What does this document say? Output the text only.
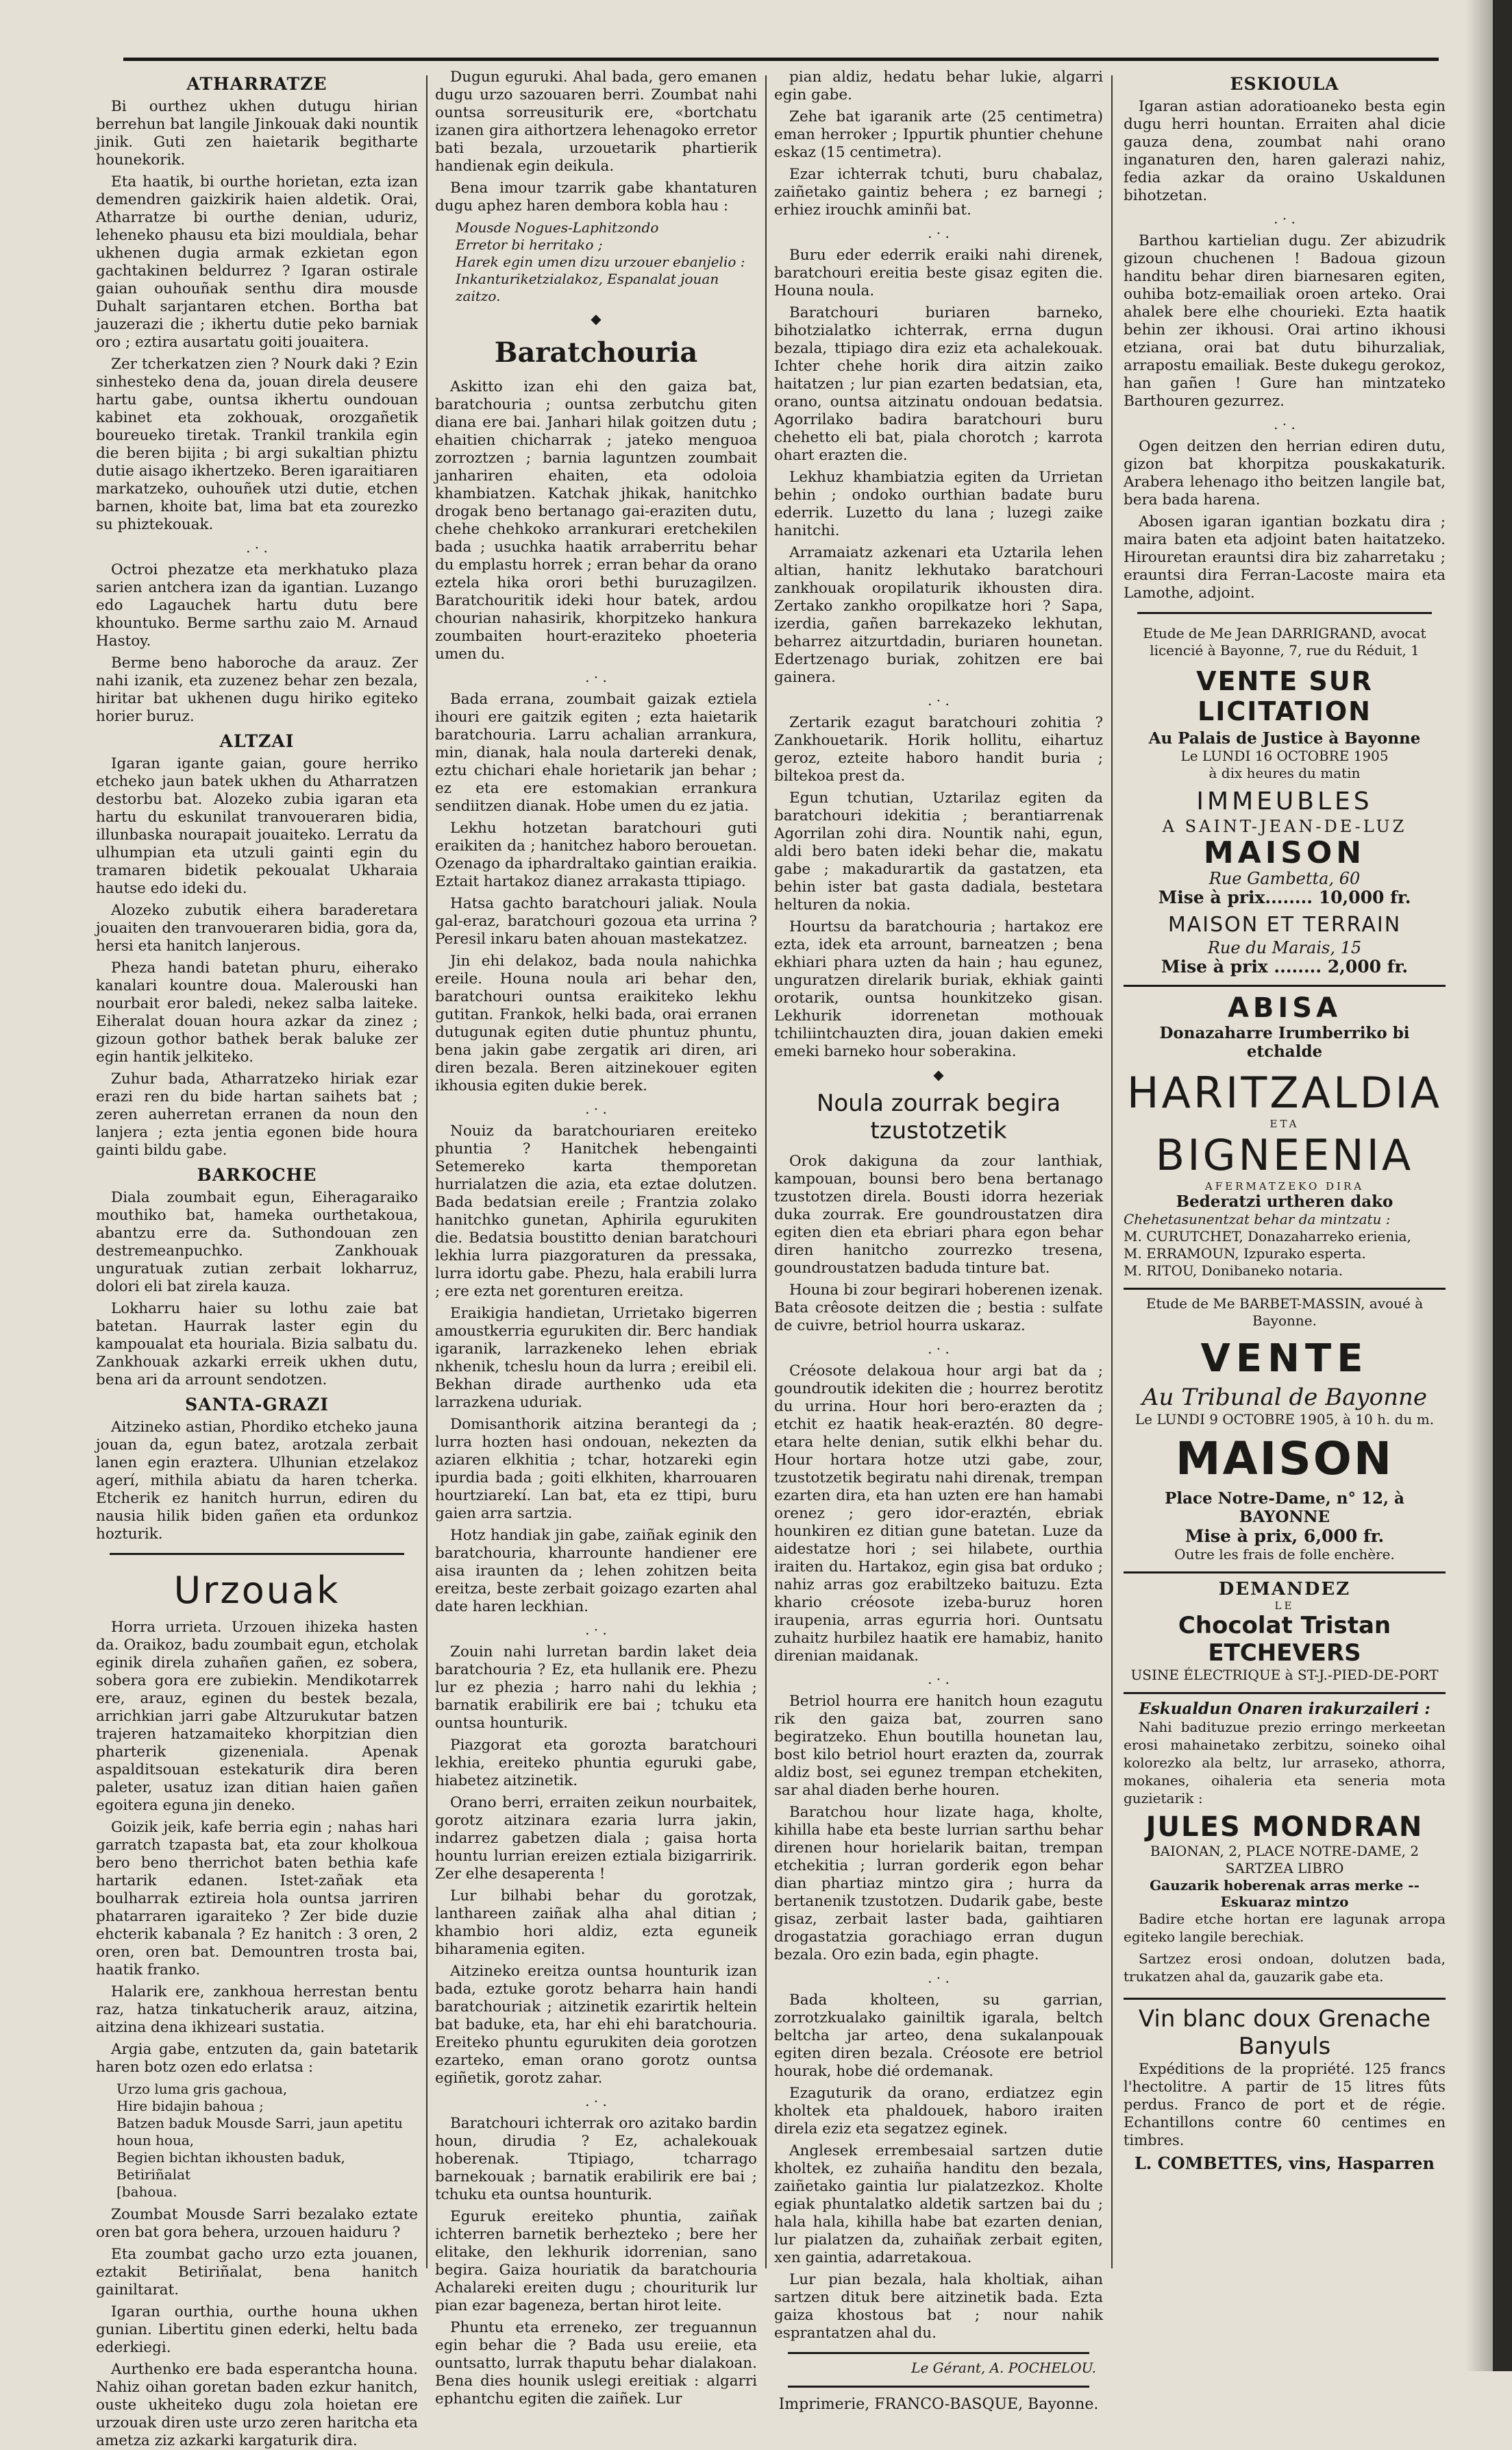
ATHARRATZE

Bi ourthez ukhen dutugu hirian berrehun bat langile Jinkouak daki nountik jinik. Guti zen haietarik begitharte hounekorik.

Eta haatik, bi ourthe horietan, ezta izan demendren gaizkirik haien aldetik. Orai, Atharratze bi ourthe denian, uduriz, leheneko phausu eta bizi mouldiala, behar ukhenen dugia armak ezkietan egon gachtakinen beldurrez ? Igaran ostirale gaian ouhouñak senthu dira mousde Duhalt sarjantaren etchen. Bortha bat jauzerazi die ; ikhertu dutie peko barniak oro ; eztira ausartatu goiti jouaitera.

Zer tcherkatzen zien ? Nourk daki ? Ezin sinhesteko dena da, jouan direla deusere hartu gabe, ountsa ikhertu oundouan kabinet eta zokhouak, orozgañetik boureueko tiretak. Trankil trankila egin die beren bijita ; bi argi sukaltian phiztu dutie aisago ikhertzeko. Beren igaraitiaren markatzeko, ouhouñek utzi dutie, etchen barnen, khoite bat, lima bat eta zourezko su phiztekouak.

. · .

Octroi phezatze eta merkhatuko plaza sarien antchera izan da igantian. Luzango edo Lagauchek hartu dutu bere khountuko. Berme sarthu zaio M. Arnaud Hastoy.

Berme beno haboroche da arauz. Zer nahi izanik, eta zuzenez behar zen bezala, hiritar bat ukhenen dugu hiriko egiteko horier buruz.

ALTZAI

Igaran igante gaian, goure herriko etcheko jaun batek ukhen du Atharratzen destorbu bat. Alozeko zubia igaran eta hartu du eskunilat tranvoueraren bidia, illunbaska nourapait jouaiteko. Lerratu da ulhumpian eta utzuli gainti egin du tramaren bidetik pekoualat Ukharaia hautse edo ideki du.

Alozeko zubutik eihera baraderetara jouaiten den tranvoueraren bidia, gora da, hersi eta hanitch lanjerous.

Pheza handi batetan phuru, eiherako kanalari kountre doua. Malerouski han nourbait eror baledi, nekez salba laiteke. Eiheralat douan houra azkar da zinez ; gizoun gothor bathek berak baluke zer egin hantik jelkiteko.

Zuhur bada, Atharratzeko hiriak ezar erazi ren du bide hartan saihets bat ; zeren auherretan erranen da noun den lanjera ; ezta jentia egonen bide houra gainti bildu gabe.

BARKOCHE

Diala zoumbait egun, Eiheragaraiko mouthiko bat, hameka ourthetakoua, abantzu erre da. Suthondouan zen destremeanpuchko. Zankhouak unguratuak zutian zerbait lokharruz, dolori eli bat zirela kauza.

Lokharru haier su lothu zaie bat batetan. Haurrak laster egin du kampoualat eta houriala. Bizia salbatu du. Zankhouak azkarki erreik ukhen dutu, bena ari da arrount sendotzen.

SANTA-GRAZI

Aitzineko astian, Phordiko etcheko jauna jouan da, egun batez, arotzala zerbait lanen egin eraztera. Ulhunian etzelakoz agerí, mithila abiatu da haren tcherka. Etcherik ez hanitch hurrun, ediren du nausia hilik biden gañen eta ordunkoz hozturik.

Urzouak

Horra urrieta. Urzouen ihizeka hasten da. Oraikoz, badu zoumbait egun, etcholak eginik direla zuhañen gañen, ez sobera, sobera gora ere zubiekin. Mendikotarrek ere, arauz, eginen du bestek bezala, arrichkian jarri gabe Altzurukutar batzen trajeren hatzamaiteko khorpitzian dien pharterik gizeneniala. Apenak aspalditsouan estekaturik dira beren paleter, usatuz izan ditian haien gañen egoitera eguna jin deneko.

Goizik jeik, kafe berria egin ; nahas hari garratch tzapasta bat, eta zour kholkoua bero beno therrichot baten bethia kafe hartarik edanen. Istet-zañak eta boulharrak eztireia hola ountsa jarriren phatarraren igaraiteko ? Zer bide duzie ehcterik kabanala ? Ez hanitch : 3 oren, 2 oren, oren bat. Demountren trosta bai, haatik franko.

Halarik ere, zankhoua herrestan bentu raz, hatza tinkatucherik arauz, aitzina, aitzina dena ikhizeari sustatia.

Argia gabe, entzuten da, gain batetarik haren botz ozen edo erlatsa :

Urzo luma gris gachoua,
Hire bidajin bahoua ;
Batzen baduk Mousde Sarri, jaun apetitu
houn houa,
Begien bichtan ikhousten baduk, Betiriñalat
[bahoua.

Zoumbat Mousde Sarri bezalako eztate oren bat gora behera, urzouen haiduru ?

Eta zoumbat gacho urzo ezta jouanen, eztakit Betiriñalat, bena hanitch gainiltarat.

Igaran ourthia, ourthe houna ukhen gunian. Libertitu ginen ederki, heltu bada ederkiegi.

Aurthenko ere bada esperantcha houna. Nahiz oihan goretan baden ezkur hanitch, ouste ukheiteko dugu zola hoietan ere urzouak diren uste urzo zeren haritcha eta ametza ziz azkarki kargaturik dira.

Dugun eguruki. Ahal bada, gero emanen dugu urzo sazouaren berri. Zoumbat nahi ountsa sorreusiturik ere, «bortchatu izanen gira aithortzera lehenagoko erretor bati bezala, urzouetarik phartierik handienak egin deikula.

Bena imour tzarrik gabe khantaturen dugu aphez haren dembora kobla hau :

Mousde Nogues-Laphitzondo
Erretor bi herritako ;
Harek egin umen dizu urzouer ebanjelio :
Inkanturiketzialakoz, Espanalat jouan zaitzo.
◆
Baratchouria

Askitto izan ehi den gaiza bat, baratchouria ; ountsa zerbutchu giten diana ere bai. Janhari hilak goitzen dutu ; ehaitien chicharrak ; jateko menguoa zorroztzen ; barnia laguntzen zoumbait janhariren ehaiten, eta odoloia khambiatzen. Katchak jhikak, hanitchko drogak beno bertanago gai-eraziten dutu, chehe chehkoko arrankurari eretchekilen bada ; usuchka haatik arraberritu behar du emplastu horrek ; erran behar da orano eztela hika orori bethi buruzagilzen. Baratchouritik ideki hour batek, ardou chourian nahasirik, khorpitzeko hankura zoumbaiten hourt-eraziteko phoeteria umen du.

. · .

Bada errana, zoumbait gaizak eztiela ihouri ere gaitzik egiten ; ezta haietarik baratchouria. Larru achalian arrankura, min, dianak, hala noula dartereki denak, eztu chichari ehale horietarik jan behar ; ez eta ere estomakian errankura sendiitzen dianak. Hobe umen du ez jatia.

Lekhu hotzetan baratchouri guti eraikiten da ; hanitchez haboro berouetan. Ozenago da iphardraltako gaintian eraikia. Eztait hartakoz dianez arrakasta ttipiago.

Hatsa gachto baratchouri jaliak. Noula gal-eraz, baratchouri gozoua eta urrina ? Peresil inkaru baten ahouan mastekatzez.

Jin ehi delakoz, bada noula nahichka ereile. Houna noula ari behar den, baratchouri ountsa eraikiteko lekhu gutitan. Frankok, helki bada, orai erranen dutugunak egiten dutie phuntuz phuntu, bena jakin gabe zergatik ari diren, ari diren bezala. Beren aitzinekouer egiten ikhousia egiten dukie berek.

. · .

Nouiz da baratchouriaren ereiteko phuntia ? Hanitchek hebengainti Setemereko karta themporetan hurrialatzen die azia, eta eztae dolutzen. Bada bedatsian ereile ; Frantzia zolako hanitchko gunetan, Aphirila egurukiten die. Bedatsia boustitto denian baratchouri lekhia lurra piazgoraturen da pressaka, lurra idortu gabe. Phezu, hala erabili lurra ; ere ezta net gorenturen ereitza.

Eraikigia handietan, Urrietako bigerren amoustkerria egurukiten dir. Berc handiak igaranik, larrazkeneko lehen ebriak nkhenik, tcheslu houn da lurra ; ereibil eli. Bekhan dirade aurthenko uda eta larrazkena uduriak.

Domisanthorik aitzina berantegi da ; lurra hozten hasi ondouan, nekezten da aziaren elkhitia ; tchar, hotzareki egin ipurdia bada ; goiti elkhiten, kharrouaren hourtziarekí. Lan bat, eta ez ttipi, buru gaien arra sartzia.

Hotz handiak jin gabe, zaiñak eginik den baratchouria, kharrounte handiener ere aisa iraunten da ; lehen zohitzen beita ereitza, beste zerbait goizago ezarten ahal date haren leckhian.

. · .

Zouin nahi lurretan bardin laket deia baratchouria ? Ez, eta hullanik ere. Phezu lur ez phezia ; harro nahi du lekhia ; barnatik erabilirik ere bai ; tchuku eta ountsa hounturik.

Piazgorat eta gorozta baratchouri lekhia, ereiteko phuntia eguruki gabe, hiabetez aitzinetik.

Orano berri, erraiten zeikun nourbaitek, gorotz aitzinara ezaria lurra jakin, indarrez gabetzen diala ; gaisa horta hountu lurrian ereizen eztiala bizigarririk. Zer elhe desaperenta !

Lur bilhabi behar du gorotzak, lanthareen zaiñak alha ahal ditian ; khambio hori aldiz, ezta eguneik biharamenia egiten.

Aitzineko ereitza ountsa hounturik izan bada, eztuke gorotz beharra hain handi baratchouriak ; aitzinetik ezarirtik heltein bat baduke, eta, har ehi ehi baratchouria. Ereiteko phuntu egurukiten deia gorotzen ezarteko, eman orano gorotz ountsa egiñetik, gorotz zahar.

. · .

Baratchouri ichterrak oro azitako bardin houn, dirudia ? Ez, achalekouak hoberenak. Ttipiago, tcharrago barnekouak ; barnatik erabilirik ere bai ; tchuku eta ountsa hounturik.

Eguruk ereiteko phuntia, zaiñak ichterren barnetik berhezteko ; bere her elitake, den lekhurik idorrenian, sano begira. Gaiza houriatik da baratchouria Achalareki ereiten dugu ; chouriturik lur pian ezar bageneza, bertan hirot leite.

Phuntu eta erreneko, zer treguannun egin behar die ? Bada usu ereiie, eta ountsatto, lurrak thaputu behar dialakoan. Bena dies hounik uslegi ereitiak : algarri ephantchu egiten die zaiñek. Lur

pian aldiz, hedatu behar lukie, algarri egin gabe.

Zehe bat igaranik arte (25 centimetra) eman herroker ; Ippurtik phuntier chehune eskaz (15 centimetra).

Ezar ichterrak tchuti, buru chabalaz, zaiñetako gaintiz behera ; ez barnegi ; erhiez irouchk aminñi bat.

. · .

Buru eder ederrik eraiki nahi direnek, baratchouri ereitia beste gisaz egiten die. Houna noula.

Baratchouri buriaren barneko, bihotzialatko ichterrak, errna dugun bezala, ttipiago dira eziz eta achalekouak. Ichter chehe horik dira aitzin zaiko haitatzen ; lur pian ezarten bedatsian, eta, orano, ountsa aitzinatu ondouan bedatsia. Agorrilako badira baratchouri buru chehetto eli bat, piala chorotch ; karrota ohart erazten die.

Lekhuz khambiatzia egiten da Urrietan behin ; ondoko ourthian badate buru ederrik. Luzetto du lana ; luzegi zaike hanitchi.

Arramaiatz azkenari eta Uztarila lehen altian, hanitz lekhutako baratchouri zankhouak oropilaturik ikhousten dira. Zertako zankho oropilkatze hori ? Sapa, izerdia, gañen barrekazeko lekhutan, beharrez aitzurtdadin, buriaren hounetan. Edertzenago buriak, zohitzen ere bai gainera.

. · .

Zertarik ezagut baratchouri zohitia ? Zankhouetarik. Horik hollitu, eihartuz geroz, ezteite haboro handit buria ; biltekoa prest da.

Egun tchutian, Uztarilaz egiten da baratchouri idekitia ; berantiarrenak Agorrilan zohi dira. Nountik nahi, egun, aldi bero baten ideki behar die, makatu gabe ; makadurartik da gastatzen, eta behin ister bat gasta dadiala, bestetara helturen da nokia.

Hourtsu da baratchouria ; hartakoz ere ezta, idek eta arrount, barneatzen ; bena ekhiari phara uzten da hain ; hau egunez, unguratzen direlarik buriak, ekhiak gainti orotarik, ountsa hounkitzeko gisan. Lekhurik idorrenetan mothouak tchiliintchauzten dira, jouan dakien emeki emeki barneko hour soberakina.

◆
Noula zourrak begira tzustotzetik

Orok dakiguna da zour lanthiak, kampouan, bounsi bero bena bertanago tzustotzen direla. Bousti idorra hezeriak duka zourrak. Ere goundroustatzen dira egiten dien eta ebriari phara egon behar diren hanitcho zourrezko tresena, goundroustatzen baduda tinture bat.

Houna bi zour begirari hoberenen izenak. Bata crêosote deitzen die ; bestia : sulfate de cuivre, betriol hourra uskaraz.

. · .

Créosote delakoua hour argi bat da ; goundroutik idekiten die ; hourrez berotitz du urrina. Hour hori bero-erazten da ; etchit ez haatik heak-eraztén. 80 degre-etara helte denian, sutik elkhi behar du. Hour hortara hotze utzi gabe, zour, tzustotzetik begiratu nahi direnak, trempan ezarten dira, eta han uzten ere han hamabi orenez ; gero idor-eraztén, ebriak hounkiren ez ditian gune batetan. Luze da aidestatze hori ; sei hilabete, ourthia iraiten du. Hartakoz, egin gisa bat orduko ; nahiz arras goz erabiltzeko baituzu. Ezta khario créosote izeba-buruz horen iraupenia, arras egurria hori. Ountsatu zuhaitz hurbilez haatik ere hamabiz, hanito direnian maidanak.

. · .

Betriol hourra ere hanitch houn ezagutu rik den gaiza bat, zourren sano begiratzeko. Ehun boutilla hounetan lau, bost kilo betriol hourt erazten da, zourrak aldiz bost, sei egunez trempan etchekiten, sar ahal diaden berhe houren.

Baratchou hour lizate haga, kholte, kihilla habe eta beste lurrian sarthu behar direnen hour horielarik baitan, trempan etchekitia ; lurran gorderik egon behar dian phartiaz mintzo gira ; hurra da bertanenik tzustotzen. Dudarik gabe, beste gisaz, zerbait laster bada, gaihtiaren drogastatzia gorachiago erran dugun bezala. Oro ezin bada, egin phagte.

. · .

Bada kholteen, su garrian, zorrotzkualako gainiltik igarala, beltch beltcha jar arteo, dena sukalanpouak egiten diren bezala. Créosote ere betriol hourak, hobe dié ordemanak.

Ezaguturik da orano, erdiatzez egin kholtek eta phaldouek, haboro iraiten direla eziz eta segatzez eginek.

Anglesek errembesaial sartzen dutie kholtek, ez zuhaiña handitu den bezala, zaiñetako gaintia lur pialatzezkoz. Kholte egiak phuntalatko aldetik sartzen bai du ; hala hala, kihilla habe bat ezarten denian, lur pialatzen da, zuhaiñak zerbait egiten, xen gaintia, adarretakoua.

Lur pian bezala, hala kholtiak, aihan sartzen dituk bere aitzinetik bada. Ezta gaiza khostous bat ; nour nahik esprantatzen ahal du.

Le Gérant, A. POCHELOU.
Imprimerie, FRANCO-BASQUE, Bayonne.
ESKIOULA

Igaran astian adoratioaneko besta egin dugu herri hountan. Erraiten ahal dicie gauza dena, zoumbat nahi orano inganaturen den, haren galerazi nahiz, fedia azkar da oraino Uskaldunen bihotzetan.

. · .

Barthou kartielian dugu. Zer abizudrik gizoun chuchenen ! Badoua gizoun handitu behar diren biarnesaren egiten, ouhiba botz-emailiak oroen arteko. Orai ahalek bere elhe chourieki. Ezta haatik behin zer ikhousi. Orai artino ikhousi etziana, orai bat dutu bihurzaliak, arrapostu emailiak. Beste dukegu gerokoz, han gañen ! Gure han mintzateko Barthouren gezurrez.

. · .

Ogen deitzen den herrian ediren dutu, gizon bat khorpitza pouskakaturik. Arabera lehenago itho beitzen langile bat, bera bada harena.

Abosen igaran igantian bozkatu dira ; maira baten eta adjoint baten haitatzeko. Hirouretan erauntsi dira biz zaharretaku ; erauntsi dira Ferran-Lacoste maira eta Lamothe, adjoint.

Etude de Me Jean DARRIGRAND, avocat licencié à Bayonne, 7, rue du Réduit, 1
VENTE SUR LICITATION
Au Palais de Justice à Bayonne
Le LUNDI 16 OCTOBRE 1905
à dix heures du matin
IMMEUBLES
A SAINT-JEAN-DE-LUZ
MAISON
Rue Gambetta, 60
Mise à prix........ 10,000 fr.
MAISON ET TERRAIN
Rue du Marais, 15
Mise à prix ........ 2,000 fr.
ABISA
Donazaharre Irumberriko bi etchalde
HARITZALDIA
ETA
BIGNEENIA
AFERMATZEKO DIRA
Bederatzi urtheren dako
Chehetasunentzat behar da mintzatu :
M. CURUTCHET, Donazaharreko erienia,
M. ERRAMOUN, Izpurako esperta.
M. RITOU, Donibaneko notaria.
Etude de Me BARBET-MASSIN, avoué à Bayonne.
VENTE
Au Tribunal de Bayonne
Le LUNDI 9 OCTOBRE 1905, à 10 h. du m.
MAISON
Place Notre-Dame, n° 12, à BAYONNE
Mise à prix, 6,000 fr.
Outre les frais de folle enchère.
DEMANDEZ
LE
Chocolat Tristan ETCHEVERS
USINE ÉLECTRIQUE à ST-J.-PIED-DE-PORT
Eskualdun Onaren irakurzaileri :

Nahi badituzue prezio erringo merkeetan erosi mahainetako zerbitzu, soineko oihal kolorezko ala beltz, lur arraseko, athorra, mokanes, oihaleria eta seneria mota guzietarik :

JULES MONDRAN
BAIONAN, 2, PLACE NOTRE-DAME, 2
SARTZEA LIBRO
Gauzarik hoberenak arras merke -- Eskuaraz mintzo

Badire etche hortan ere lagunak arropa egiteko langile berechiak.

Sartzez erosi ondoan, dolutzen bada, trukatzen ahal da, gauzarik gabe eta.

Vin blanc doux Grenache Banyuls

Expéditions de la propriété. 125 francs l'hectolitre. A partir de 15 litres fûts perdus. Franco de port et de régie. Echantillons contre 60 centimes en timbres.

L. COMBETTES, vins, Hasparren
